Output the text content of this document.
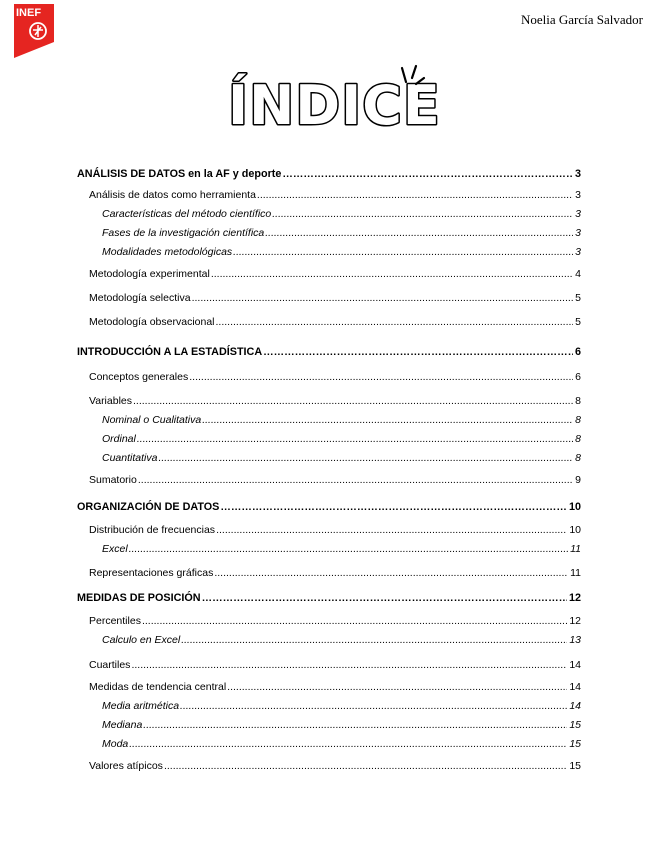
INEF	Noelia García Salvador
ÍNDICE
ANÁLISIS DE DATOS en la AF y deporte …………………………………………………………………………………………………………………………………………………………………………	3
Análisis de datos como herramienta .....	3
Características del método científico .....	3
Fases de la investigación científica .....	3
Modalidades metodológicas .....	3
Metodología experimental .....	4
Metodología selectiva .....	5
Metodología observacional .....	5
INTRODUCCIÓN A LA ESTADÍSTICA …………………………………………………………………………………………………………………………………………………………………………	6
Conceptos generales .....	6
Variables .....	8
Nominal o Cualitativa .....	8
Ordinal .....	8
Cuantitativa .....	8
Sumatorio .....	9
ORGANIZACIÓN DE DATOS …………………………………………………………………………………………………………………………………………………………………………	10
Distribución de frecuencias .....	10
Excel .....	11
Representaciones gráficas .....	11
MEDIDAS DE POSICIÓN …………………………………………………………………………………………………………………………………………………………………………	12
Percentiles .....	12
Calculo en Excel .....	13
Cuartiles .....	14
Medidas de tendencia central .....	14
Media aritmética .....	14
Mediana .....	15
Moda .....	15
Valores atípicos .....	15
